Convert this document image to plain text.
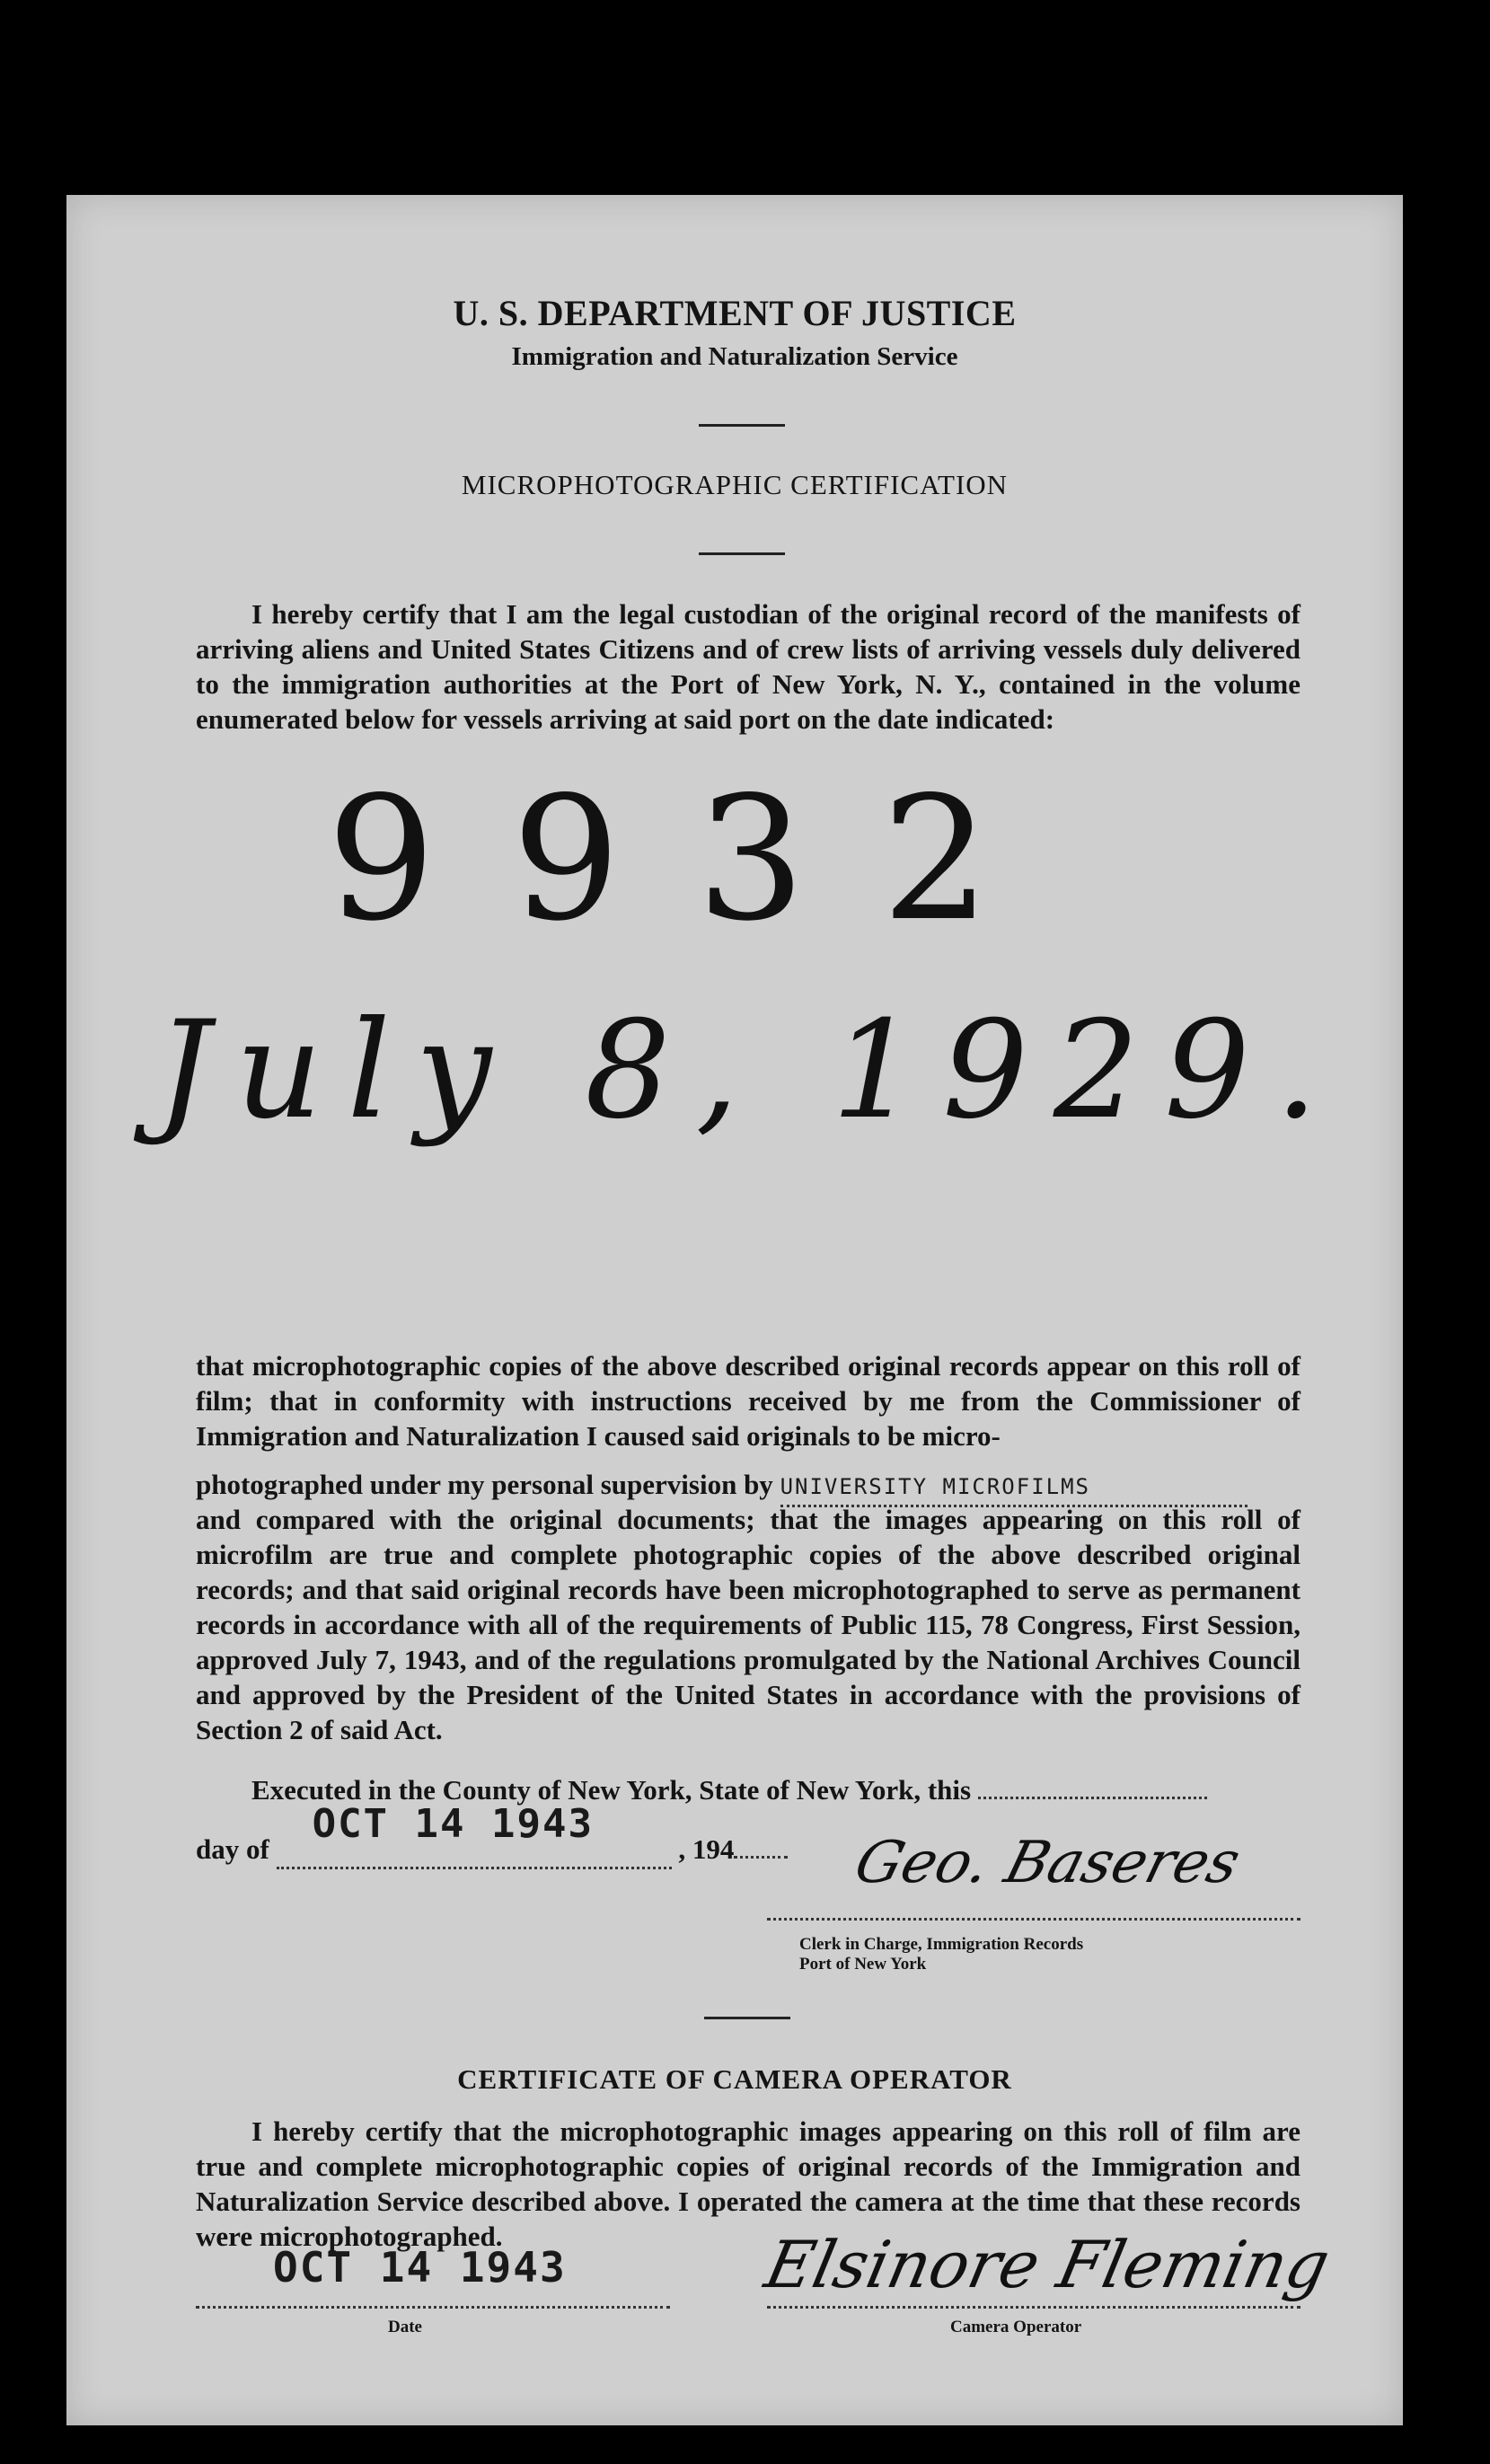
U. S. DEPARTMENT OF JUSTICE
Immigration and Naturalization Service
MICROPHOTOGRAPHIC CERTIFICATION
I hereby certify that I am the legal custodian of the original record of the manifests of arriving aliens and United States Citizens and of crew lists of arriving vessels duly delivered to the immigration authorities at the Port of New York, N. Y., contained in the volume enumerated below for vessels arriving at said port on the date indicated:
9932
July 8, 1929.
that microphotographic copies of the above described original records appear on this roll of film; that in conformity with instructions received by me from the Commissioner of Immigration and Naturalization I caused said originals to be micro-
photographed under my personal supervision by UNIVERSITY MICROFILMS
and compared with the original documents; that the images appearing on this roll of microfilm are true and complete photographic copies of the above described original records; and that said original records have been microphotographed to serve as permanent records in accordance with all of the requirements of Public 115, 78 Congress, First Session, approved July 7, 1943, and of the regulations promulgated by the National Archives Council and approved by the President of the United States in accordance with the provisions of Section 2 of said Act.
Executed in the County of New York, State of New York, this
day of
OCT 14 1943
, 194	Geo. Baseres
Clerk in Charge, Immigration Records
Port of New York
CERTIFICATE OF CAMERA OPERATOR
I hereby certify that the microphotographic images appearing on this roll of film are true and complete microphotographic copies of original records of the Immigration and Naturalization Service described above. I operated the camera at the time that these records were microphotographed.
OCT 14 1943
Date
Elsinore Fleming
Camera Operator
